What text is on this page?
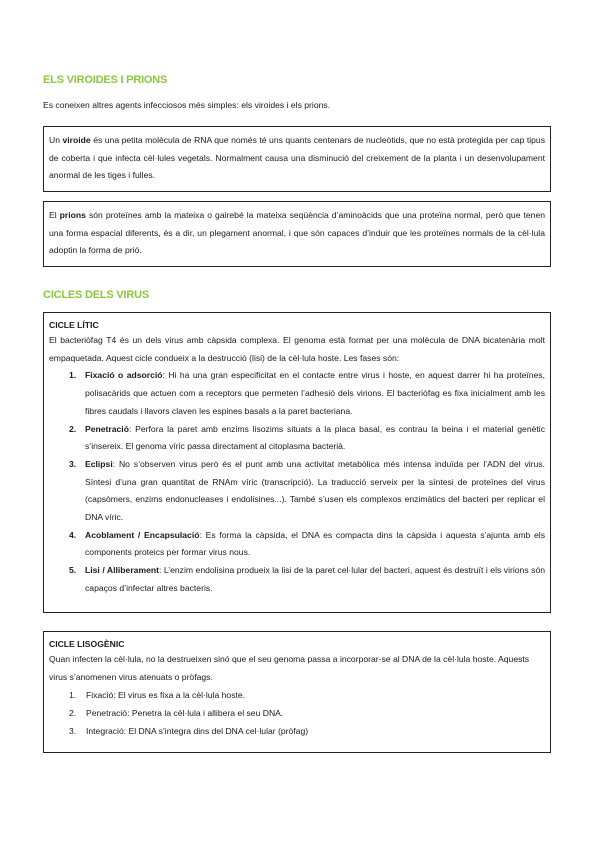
ELS VIROIDES I PRIONS

Es coneixen altres agents infecciosos més simples: els viroides i els prions.

Un viroide és una petita molècula de RNA que només té uns quants centenars de nucleòtids, que no està protegida per cap tipus de coberta i que infecta cèl·lules vegetals. Normalment causa una disminució del creixement de la planta i un desenvolupament anormal de les tiges i fulles.

El prions són proteïnes amb la mateixa o gairebé la mateixa seqüència d’aminoàcids que una proteïna normal, però que tenen una forma espacial diferents, és a dir, un plegament anormal, i que són capaces d’induir que les proteïnes normals de la cèl·lula adoptin la forma de prió.

CICLES DELS VIRUS

CICLE LÍTIC

El bacteriòfag T4 és un dels virus amb càpsida complexa. El genoma està format per una molècula de DNA bicatenària molt empaquetada. Aquest cicle condueix a la destrucció (lisi) de la cèl·lula hoste. Les fases són:

1. Fixació o adsorció: Hi ha una gran especificitat en el contacte entre virus i hoste, en aquest darrer hi ha proteïnes, polisacàrids que actuen com a receptors que permeten l’adhesió dels virions. El bacteriòfag es fixa inicialment amb les fibres caudals i llavors claven les espines basals a la paret bacteriana.
2. Penetració: Perfora la paret amb enzims lisozims situats a la placa basal, es contrau la beina i el material genètic s’insereix. El genoma víric passa directament al citoplasma bacterià.
3. Eclipsi: No s’observen virus però és el punt amb una activitat metabòlica més intensa induïda per l’ADN del virus. Síntesi d’una gran quantitat de RNAm víric (transcripció). La traducció serveix per la síntesi de proteïnes del virus (capsòmers, enzims endonucleases i endolisines...). També s’usen els complexos enzimàtics del bacteri per replicar el DNA víric.
4. Acoblament / Encapsulació: Es forma la càpsida, el DNA es compacta dins la càpsida i aquesta s’ajunta amb els components proteics per formar virus nous.
5. Lisi / Alliberament: L’enzim endolisina produeix la lisi de la paret cel·lular del bacteri, aquest és destruït i els virions són capaços d’infectar altres bacteris.

CICLE LISOGÈNIC

Quan infecten la cèl·lula, no la destrueixen sinó que el seu genoma passa a incorporar-se al DNA de la cèl·lula hoste. Aquests virus s’anomenen virus atenuats o pròfags.

1. Fixació: El virus es fixa a la cèl·lula hoste.
2. Penetració: Penetra la cèl·lula i allibera el seu DNA.
3. Integració: El DNA s’integra dins del DNA cel·lular (pròfag)
